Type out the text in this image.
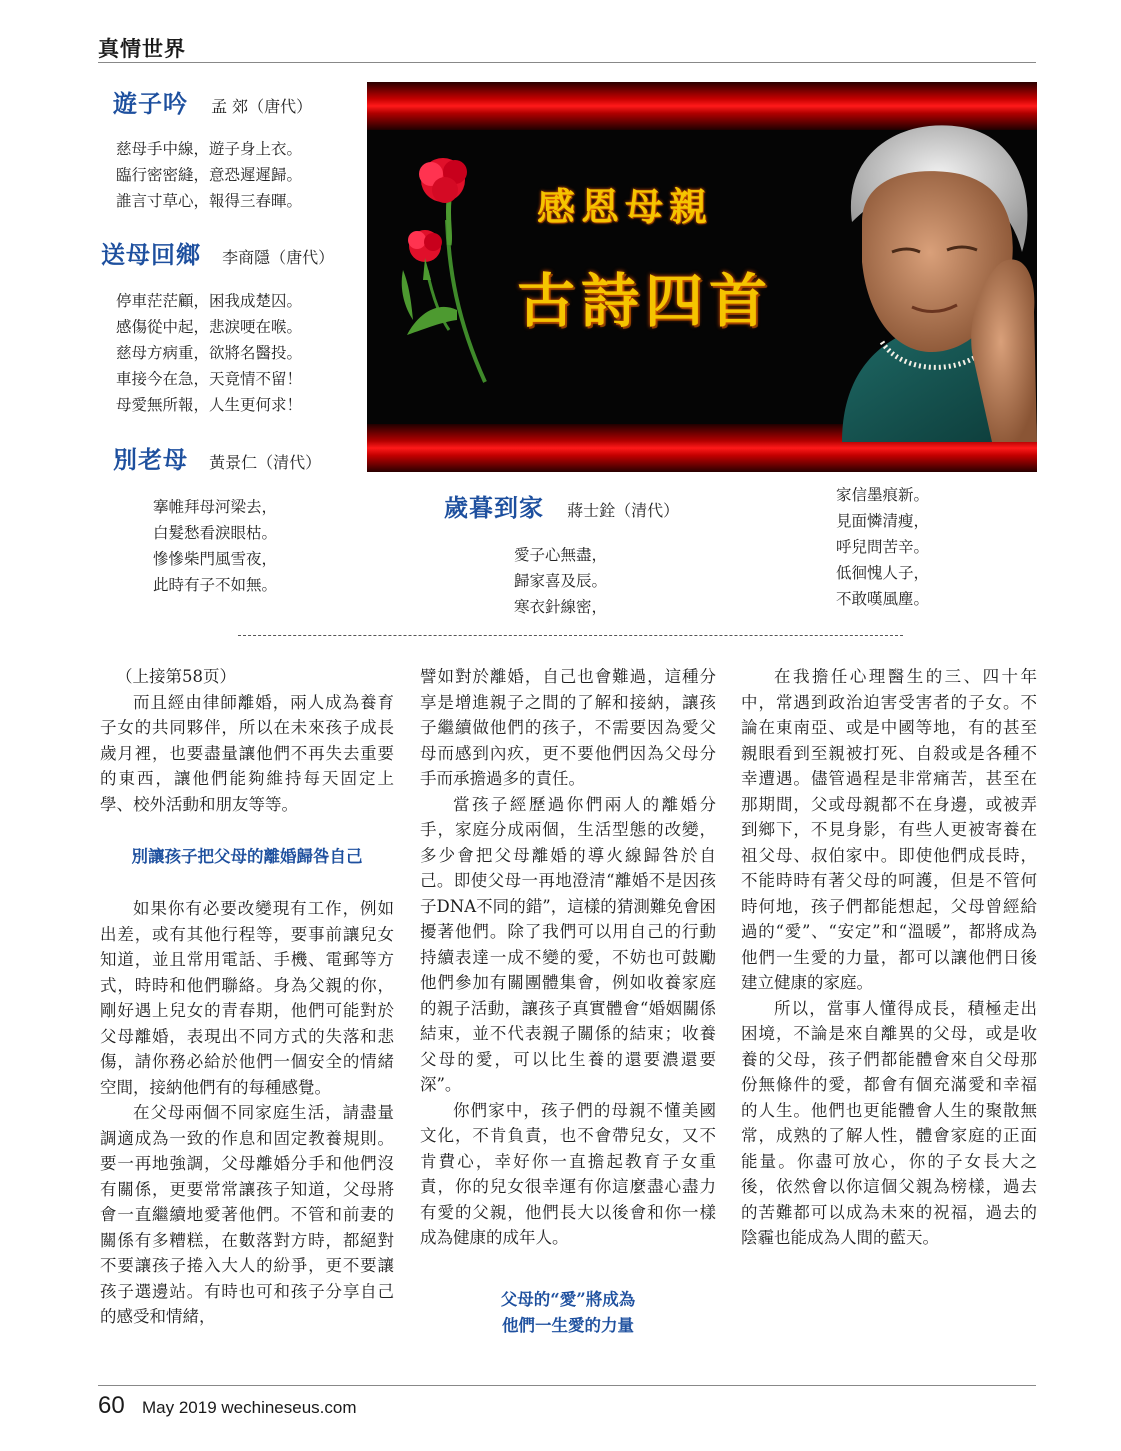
真情世界
遊子吟 孟 郊（唐代）
慈母手中線，遊子身上衣。
臨行密密縫，意恐遲遲歸。
誰言寸草心，報得三春暉。
送母回鄉 李商隱（唐代）
停車茫茫顧，困我成楚囚。
感傷從中起，悲淚哽在喉。
慈母方病重，欲將名醫投。
車接今在急，天竟情不留！
母愛無所報，人生更何求！
別老母 黃景仁（清代）
搴帷拜母河梁去，
白髮愁看淚眼枯。
慘慘柴門風雪夜，
此時有子不如無。
歲暮到家 蔣士銓（清代）
愛子心無盡，
歸家喜及辰。
寒衣針線密，
家信墨痕新。
見面憐清瘦，
呼兒問苦辛。
低徊愧人子，
不敢嘆風塵。
感恩母親
古詩四首

（上接第58页）

而且經由律師離婚，兩人成為養育子女的共同夥伴，所以在未來孩子成長歲月裡，也要盡量讓他們不再失去重要的東西，讓他們能夠維持每天固定上學、校外活動和朋友等等。

別讓孩子把父母的離婚歸咎自己

如果你有必要改變現有工作，例如出差，或有其他行程等，要事前讓兒女知道，並且常用電話、手機、電郵等方式，時時和他們聯絡。身為父親的你，剛好遇上兒女的青春期，他們可能對於父母離婚，表現出不同方式的失落和悲傷，請你務必給於他們一個安全的情緒空間，接納他們有的每種感覺。

在父母兩個不同家庭生活，請盡量調適成為一致的作息和固定教養規則。要一再地強調，父母離婚分手和他們沒有關係，更要常常讓孩子知道，父母將會一直繼續地愛著他們。不管和前妻的關係有多糟糕，在數落對方時，都絕對不要讓孩子捲入大人的紛爭，更不要讓孩子選邊站。有時也可和孩子分享自己的感受和情緒，

譬如對於離婚，自己也會難過，這種分享是增進親子之間的了解和接納，讓孩子繼續做他們的孩子，不需要因為愛父母而感到內疚，更不要他們因為父母分手而承擔過多的責任。

當孩子經歷過你們兩人的離婚分手，家庭分成兩個，生活型態的改變，多少會把父母離婚的導火線歸咎於自己。即使父母一再地澄清“離婚不是因孩子DNA不同的錯”，這樣的猜測難免會困擾著他們。除了我們可以用自己的行動持續表達一成不變的愛，不妨也可鼓勵他們參加有關團體集會，例如收養家庭的親子活動，讓孩子真實體會“婚姻關係結束，並不代表親子關係的結束；收養父母的愛，可以比生養的還要濃還要深”。

你們家中，孩子們的母親不懂美國文化，不肯負責，也不會帶兒女，又不肯費心，幸好你一直擔起教育子女重責，你的兒女很幸運有你這麼盡心盡力有愛的父親，他們長大以後會和你一樣成為健康的成年人。

父母的“愛”將成為
他們一生愛的力量

在我擔任心理醫生的三、四十年中，常遇到政治迫害受害者的子女。不論在東南亞、或是中國等地，有的甚至親眼看到至親被打死、自殺或是各種不幸遭遇。儘管過程是非常痛苦，甚至在那期間，父或母親都不在身邊，或被弄到鄉下，不見身影，有些人更被寄養在祖父母、叔伯家中。即使他們成長時，不能時時有著父母的呵護，但是不管何時何地，孩子們都能想起，父母曾經給過的“愛”、“安定”和“溫暖”，都將成為他們一生愛的力量，都可以讓他們日後建立健康的家庭。

所以，當事人懂得成長，積極走出困境，不論是來自離異的父母，或是收養的父母，孩子們都能體會來自父母那份無條件的愛，都會有個充滿愛和幸福的人生。他們也更能體會人生的聚散無常，成熟的了解人性，體會家庭的正面能量。你盡可放心，你的子女長大之後，依然會以你這個父親為榜樣，過去的苦難都可以成為未來的祝福，過去的陰霾也能成為人間的藍天。

60 May 2019 wechineseus.com
